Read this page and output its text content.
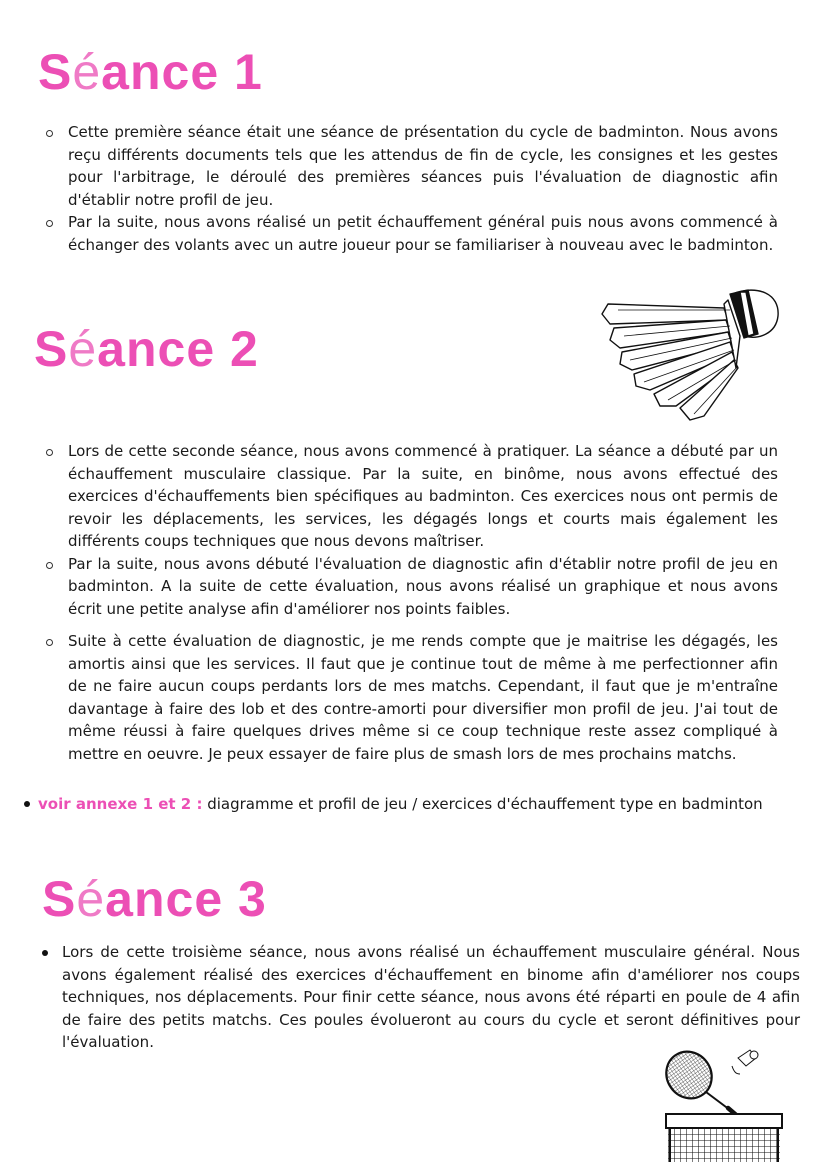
Séance 1
Cette première séance était une séance de présentation du cycle de badminton. Nous avons reçu différents documents tels que les attendus de fin de cycle, les consignes et les gestes pour l'arbitrage, le déroulé des premières séances puis l'évaluation de diagnostic afin d'établir notre profil de jeu.
Par la suite, nous avons réalisé un petit échauffement général puis nous avons commencé à échanger des volants avec un autre joueur pour se familiariser à nouveau avec le badminton.
Séance 2
Lors de cette seconde séance, nous avons commencé à pratiquer. La séance a débuté par un échauffement musculaire classique. Par la suite, en binôme, nous avons effectué des exercices d'échauffements bien spécifiques au badminton. Ces exercices nous ont permis de revoir les déplacements, les services, les dégagés longs et courts mais également les différents coups techniques que nous devons maîtriser.
Par la suite, nous avons débuté l'évaluation de diagnostic afin d'établir notre profil de jeu en badminton. A la suite de cette évaluation, nous avons réalisé un graphique et nous avons écrit une petite analyse afin d'améliorer nos points faibles.
Suite à cette évaluation de diagnostic, je me rends compte que je maitrise les dégagés, les amortis ainsi que les services. Il faut que je continue tout de même à me perfectionner afin de ne faire aucun coups perdants lors de mes matchs. Cependant, il faut que je m'entraîne davantage à faire des lob et des contre-amorti pour diversifier mon profil de jeu. J'ai tout de même réussi à faire quelques drives même si ce coup technique reste assez compliqué à mettre en oeuvre. Je peux essayer de faire plus de smash lors de mes prochains matchs.
voir annexe 1 et 2 : diagramme et profil de jeu / exercices d'échauffement type en badminton
Séance 3
Lors de cette troisième séance, nous avons réalisé un échauffement musculaire général. Nous avons également réalisé des exercices d'échauffement en binome afin d'améliorer nos coups techniques, nos déplacements. Pour finir cette séance, nous avons été réparti en poule de 4 afin de faire des petits matchs. Ces poules évolueront au cours du cycle et seront définitives pour l'évaluation.
